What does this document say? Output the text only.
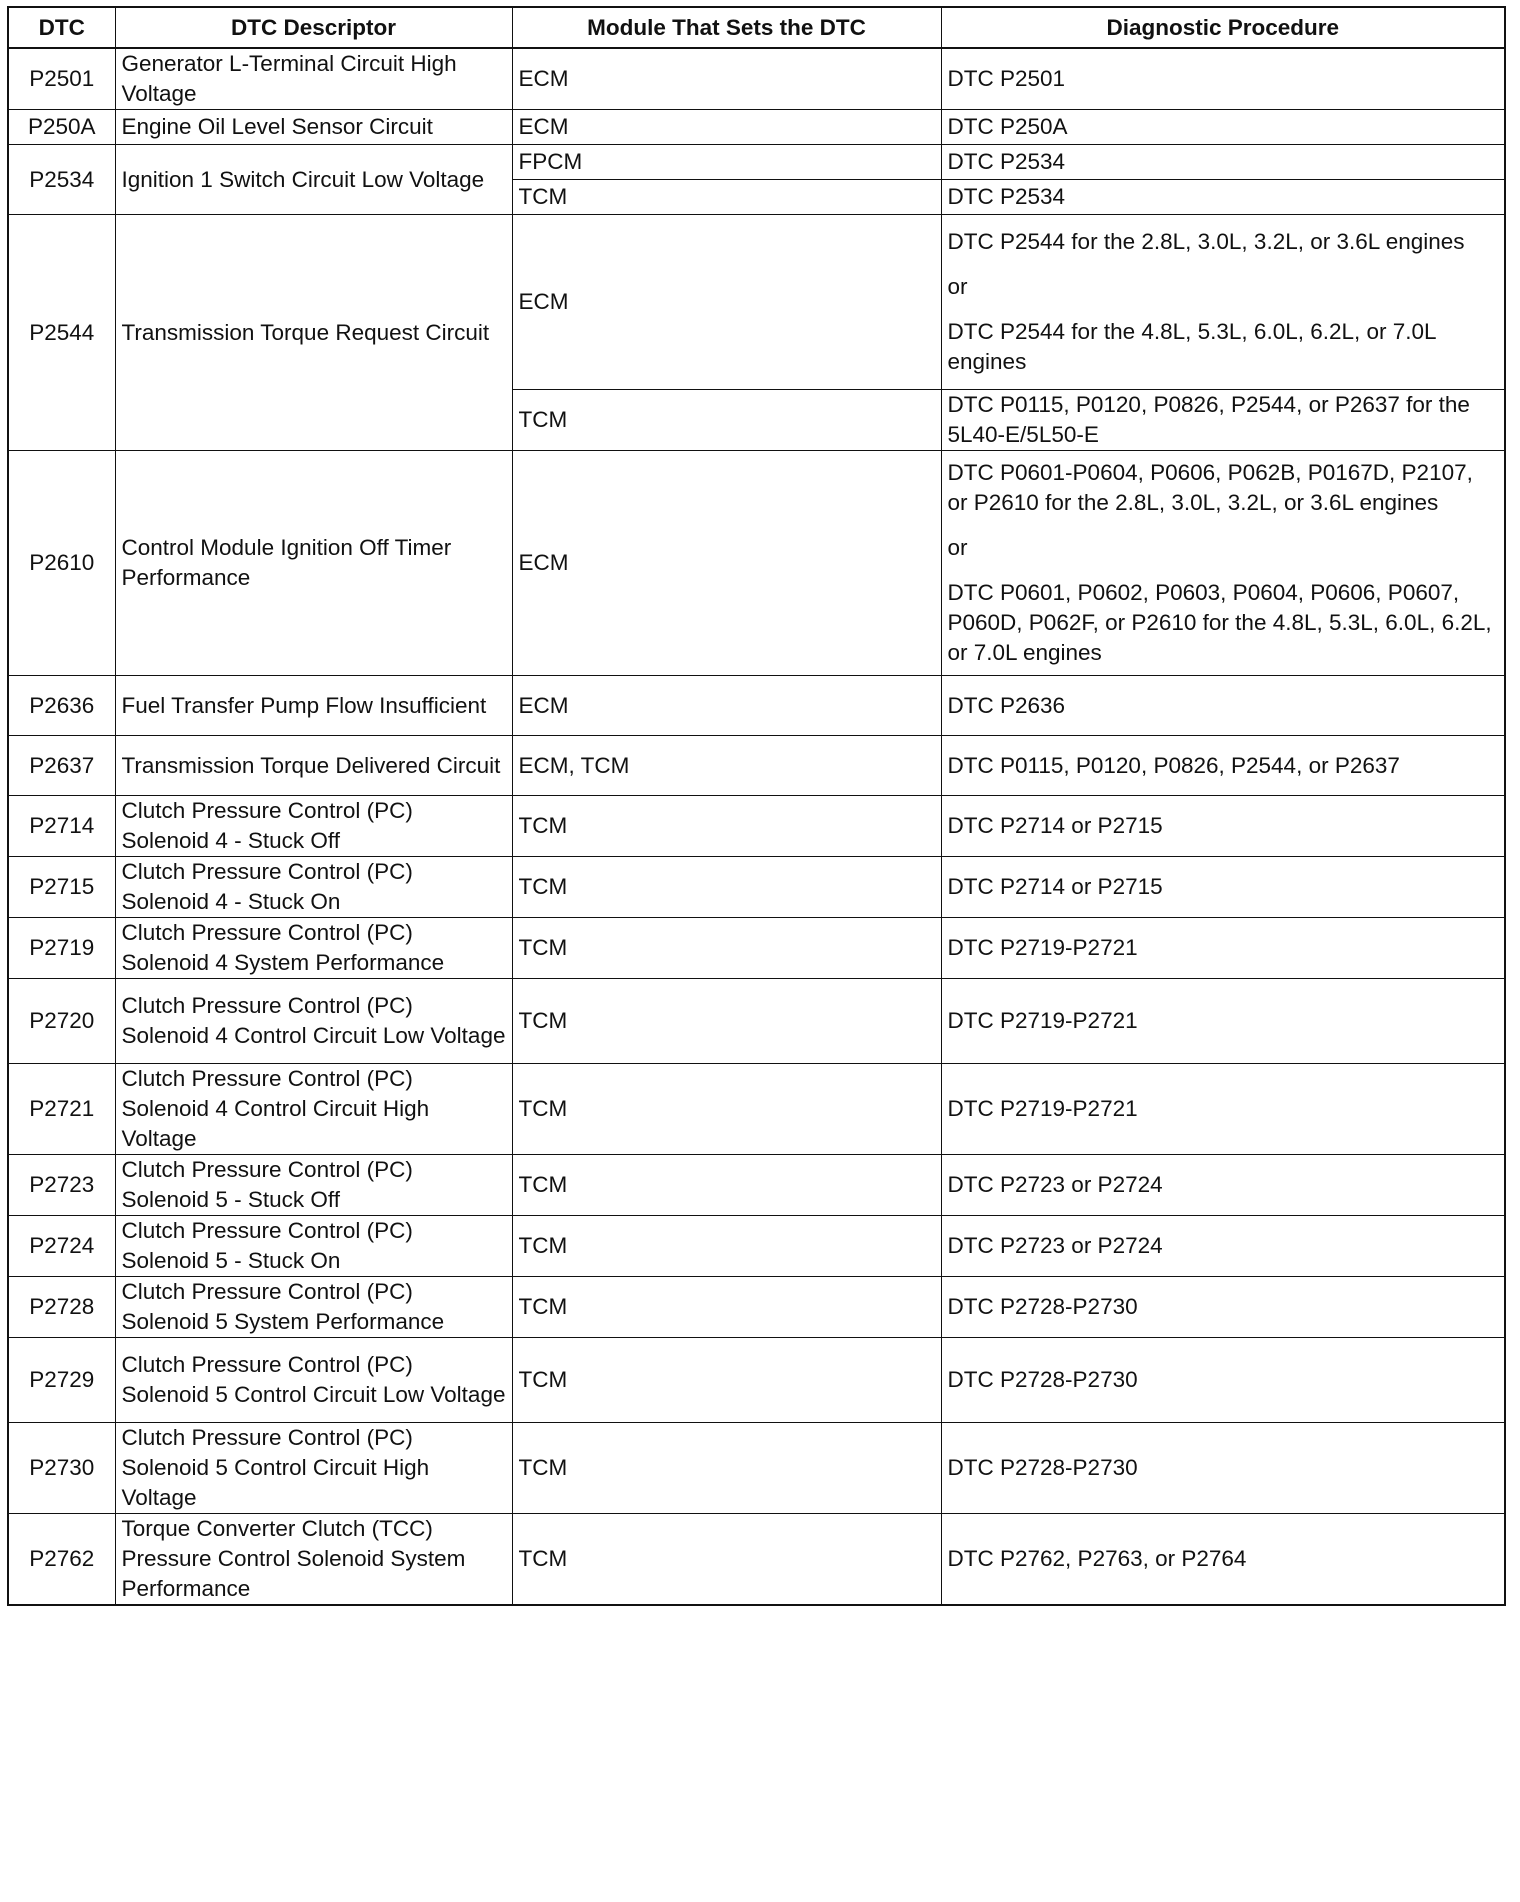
DTC	DTC Descriptor	Module That Sets the DTC	Diagnostic Procedure
P2501	Generator L-Terminal Circuit High Voltage	ECM	DTC P2501
P250A	Engine Oil Level Sensor Circuit	ECM	DTC P250A
P2534	Ignition 1 Switch Circuit Low Voltage	FPCM	DTC P2534
		TCM	DTC P2534
P2544	Transmission Torque Request Circuit	ECM	DTC P2544 for the 2.8L, 3.0L, 3.2L, or 3.6L engines
or
DTC P2544 for the 4.8L, 5.3L, 6.0L, 6.2L, or 7.0L engines

		TCM	DTC P0115, P0120, P0826, P2544, or P2637 for the 5L40-E/5L50-E
P2610	Control Module Ignition Off Timer Performance	ECM	DTC P0601-P0604, P0606, P062B, P0167D, P2107, or P2610 for the 2.8L, 3.0L, 3.2L, or 3.6L engines
or
DTC P0601, P0602, P0603, P0604, P0606, P0607, P060D, P062F, or P2610 for the 4.8L, 5.3L, 6.0L, 6.2L, or 7.0L engines

P2636	Fuel Transfer Pump Flow Insufficient	ECM	DTC P2636
P2637	Transmission Torque Delivered Circuit	ECM, TCM	DTC P0115, P0120, P0826, P2544, or P2637
P2714	Clutch Pressure Control (PC) Solenoid 4 - Stuck Off	TCM	DTC P2714 or P2715
P2715	Clutch Pressure Control (PC) Solenoid 4 - Stuck On	TCM	DTC P2714 or P2715
P2719	Clutch Pressure Control (PC) Solenoid 4 System Performance	TCM	DTC P2719-P2721
P2720	Clutch Pressure Control (PC) Solenoid 4 Control Circuit Low Voltage	TCM	DTC P2719-P2721
P2721	Clutch Pressure Control (PC) Solenoid 4 Control Circuit High Voltage	TCM	DTC P2719-P2721
P2723	Clutch Pressure Control (PC) Solenoid 5 - Stuck Off	TCM	DTC P2723 or P2724
P2724	Clutch Pressure Control (PC) Solenoid 5 - Stuck On	TCM	DTC P2723 or P2724
P2728	Clutch Pressure Control (PC) Solenoid 5 System Performance	TCM	DTC P2728-P2730
P2729	Clutch Pressure Control (PC) Solenoid 5 Control Circuit Low Voltage	TCM	DTC P2728-P2730
P2730	Clutch Pressure Control (PC) Solenoid 5 Control Circuit High Voltage	TCM	DTC P2728-P2730
P2762	Torque Converter Clutch (TCC) Pressure Control Solenoid System Performance	TCM	DTC P2762, P2763, or P2764
